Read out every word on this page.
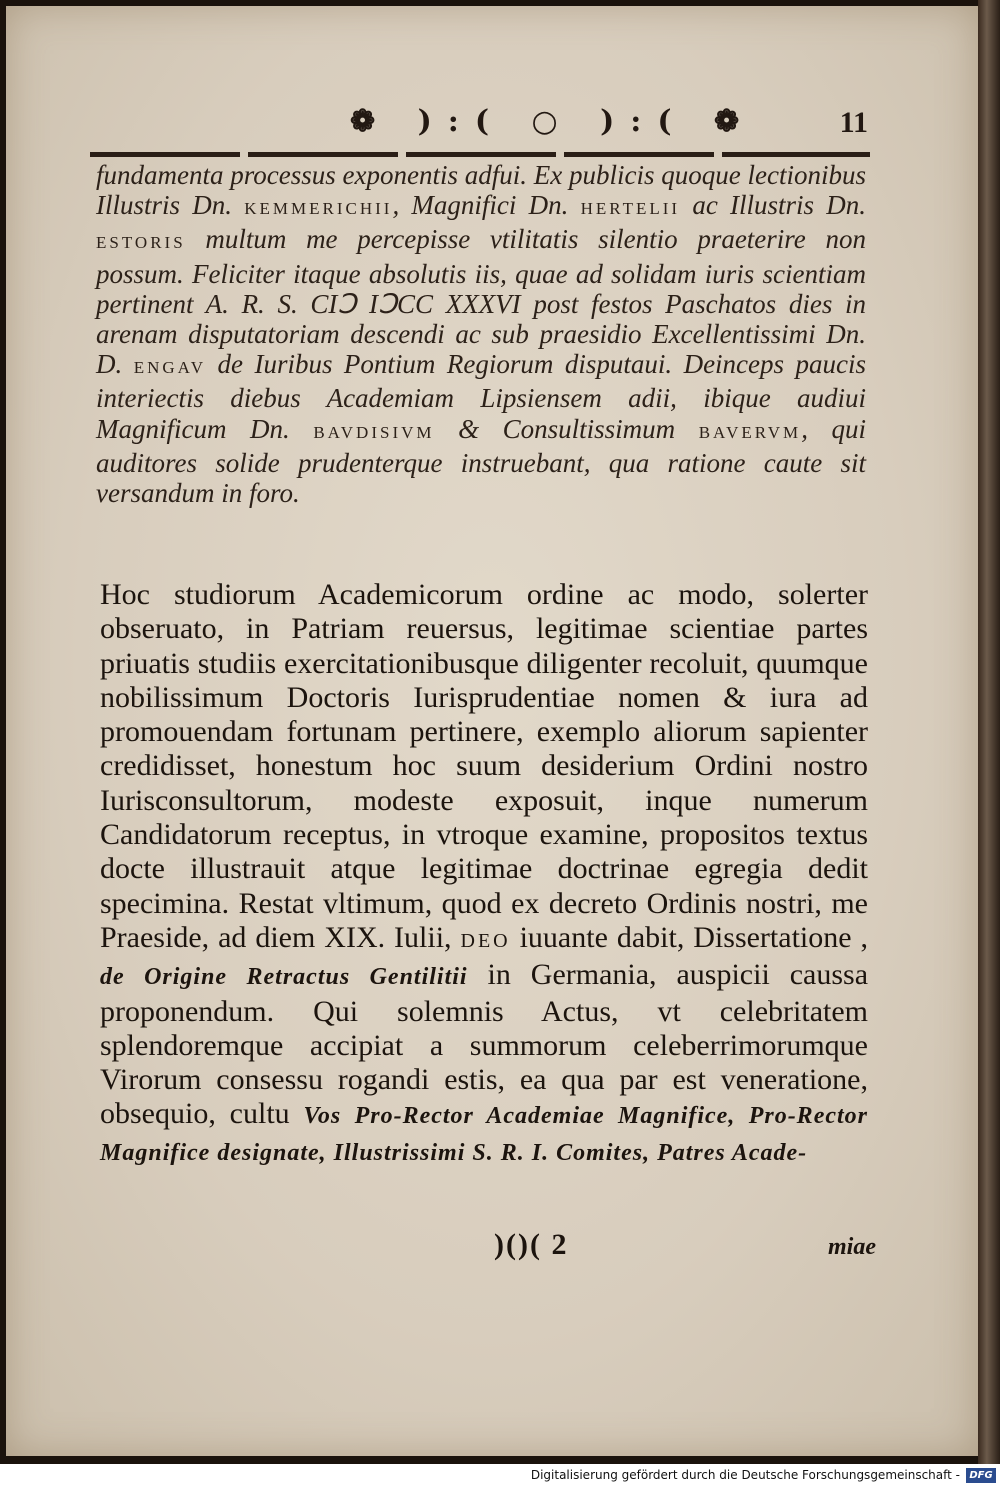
❁ ):( ○ ):( ❁	11
fundamenta processus exponentis adfui. Ex publicis quoque lectionibus Illustris Dn. KEMMERICHII, Magnifici Dn. HERTELII ac Illustris Dn. ESTORIS multum me percepisse vtilitatis silentio praeterire non possum. Feliciter itaque absolutis iis, quae ad solidam iuris scientiam pertinent A. R. S. CIↃ IↃCC XXXVI post festos Paschatos dies in arenam disputatoriam descendi ac sub praesidio Excellentissimi Dn. D. ENGAV de Iuribus Pontium Regiorum disputaui. Deinceps paucis interiectis diebus Academiam Lipsiensem adii, ibique audiui Magnificum Dn. BAVDISIVM & Consultissimum BAVERVM, qui auditores solide prudenterque instruebant, qua ratione caute sit versandum in foro.
Hoc studiorum Academicorum ordine ac modo, solerter obseruato, in Patriam reuersus, legitimae scientiae partes priuatis studiis exercitationibusque diligenter recoluit, quumque nobilissimum Doctoris Iurisprudentiae nomen & iura ad promouendam fortunam pertinere, exemplo aliorum sapienter credidisset, honestum hoc suum desiderium Ordini nostro Iurisconsultorum, modeste exposuit, inque numerum Candidatorum receptus, in vtroque examine, propositos textus docte illustrauit atque legitimae doctrinae egregia dedit specimina. Restat vltimum, quod ex decreto Ordinis nostri, me Praeside, ad diem XIX. Iulii, DEO iuuante dabit, Dissertatione , de Origine Retractus Gentilitii in Germania, auspicii caussa proponendum. Qui solemnis Actus, vt celebritatem splendoremque accipiat a summorum celeberrimorumque Virorum consessu rogandi estis, ea qua par est veneratione, obsequio, cultu Vos Pro-Rector Academiae Magnifice, Pro-Rector Magnifice designate, Illustrissimi S. R. I. Comites, Patres Acade-
)()( 2	miae
Digitalisierung gefördert durch die Deutsche Forschungsgemeinschaft - DFG
